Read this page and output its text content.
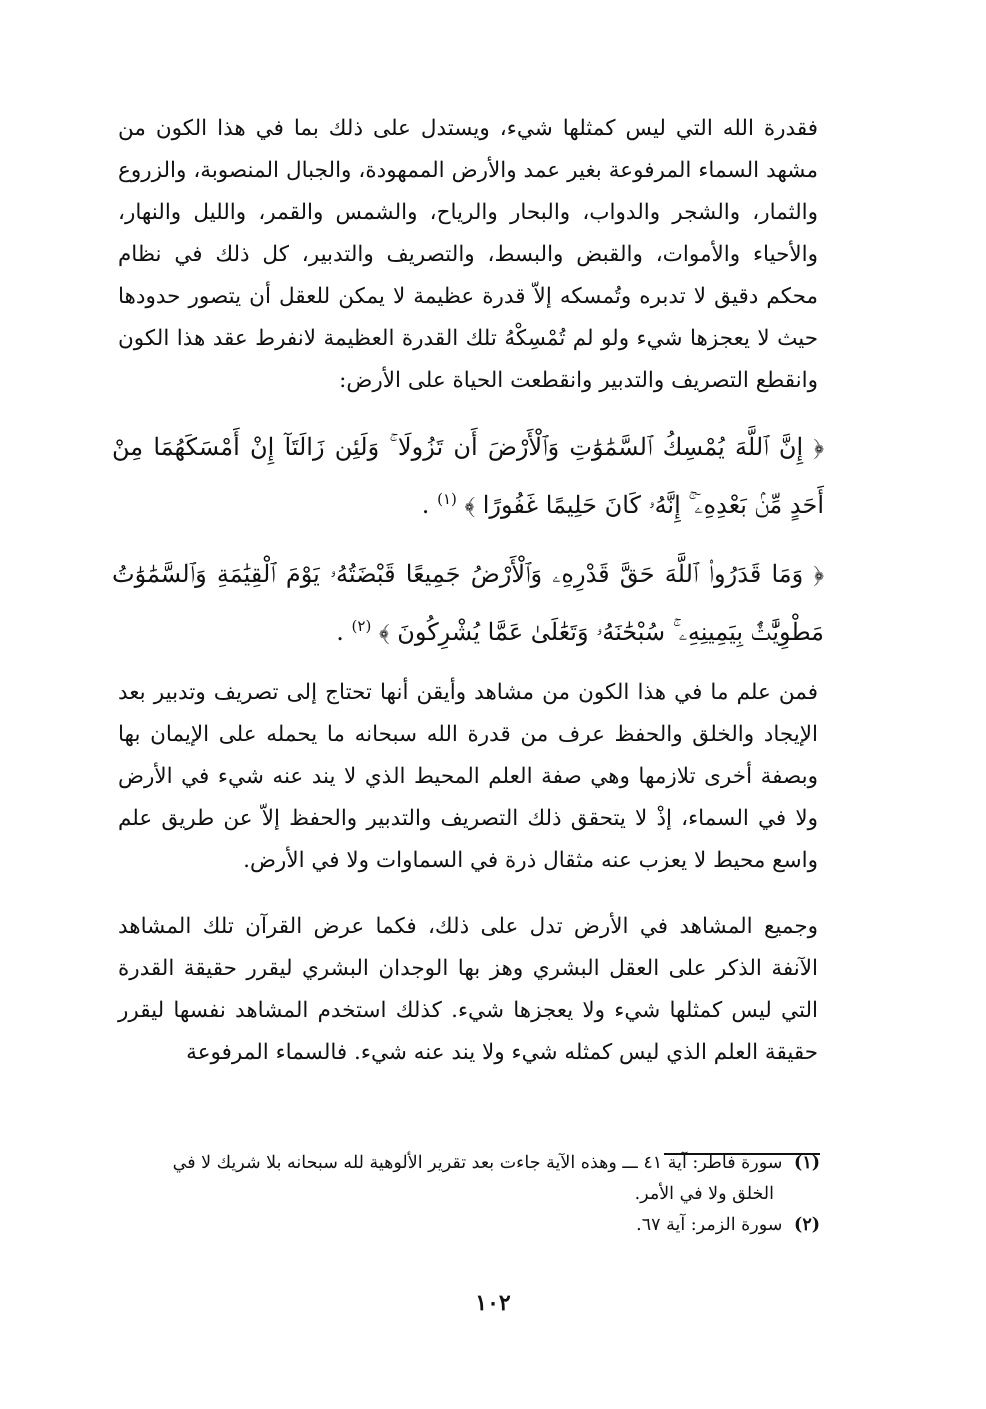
فقدرة الله التي ليس كمثلها شيء، ويستدل على ذلك بما في هذا الكون من مشهد السماء المرفوعة بغير عمد والأرض الممهودة، والجبال المنصوبة، والزروع والثمار، والشجر والدواب، والبحار والرياح، والشمس والقمر، والليل والنهار، والأحياء والأموات، والقبض والبسط، والتصريف والتدبير، كل ذلك في نظام محكم دقيق لا تدبره وتُمسكه إلاّ قدرة عظيمة لا يمكن للعقل أن يتصور حدودها حيث لا يعجزها شيء ولو لم تُمْسِكْهُ تلك القدرة العظيمة لانفرط عقد هذا الكون وانقطع التصريف والتدبير وانقطعت الحياة على الأرض:

﴿ إِنَّ ٱللَّهَ يُمْسِكُ ٱلسَّمَٰوَٰتِ وَٱلْأَرْضَ أَن تَزُولَا ۚ وَلَئِن زَالَتَآ إِنْ أَمْسَكَهُمَا مِنْ أَحَدٍ مِّنۢ بَعْدِهِۦٓ ۚ إِنَّهُۥ كَانَ حَلِيمًا غَفُورًا ﴾ $^{(١)}$ .

﴿ وَمَا قَدَرُوا۟ ٱللَّهَ حَقَّ قَدْرِهِۦ وَٱلْأَرْضُ جَمِيعًا قَبْضَتُهُۥ يَوْمَ ٱلْقِيَٰمَةِ وَٱلسَّمَٰوَٰتُ مَطْوِيَّٰتٌۢ بِيَمِينِهِۦ ۚ سُبْحَٰنَهُۥ وَتَعَٰلَىٰ عَمَّا يُشْرِكُونَ ﴾ $^{(٢)}$ .

فمن علم ما في هذا الكون من مشاهد وأيقن أنها تحتاج إلى تصريف وتدبير بعد الإيجاد والخلق والحفظ عرف من قدرة الله سبحانه ما يحمله على الإيمان بها وبصفة أخرى تلازمها وهي صفة العلم المحيط الذي لا يند عنه شيء في الأرض ولا في السماء، إذْ لا يتحقق ذلك التصريف والتدبير والحفظ إلاّ عن طريق علم واسع محيط لا يعزب عنه مثقال ذرة في السماوات ولا في الأرض.

وجميع المشاهد في الأرض تدل على ذلك، فكما عرض القرآن تلك المشاهد الآنفة الذكر على العقل البشري وهز بها الوجدان البشري ليقرر حقيقة القدرة التي ليس كمثلها شيء ولا يعجزها شيء. كذلك استخدم المشاهد نفسها ليقرر حقيقة العلم الذي ليس كمثله شيء ولا يند عنه شيء. فالسماء المرفوعة

(١) سورة فاطر: آية ٤١ ـــ وهذه الآية جاءت بعد تقرير الألوهية لله سبحانه بلا شريك لا في
الخلق ولا في الأمر.
(٢) سورة الزمر: آية ٦٧.
١٠٢
